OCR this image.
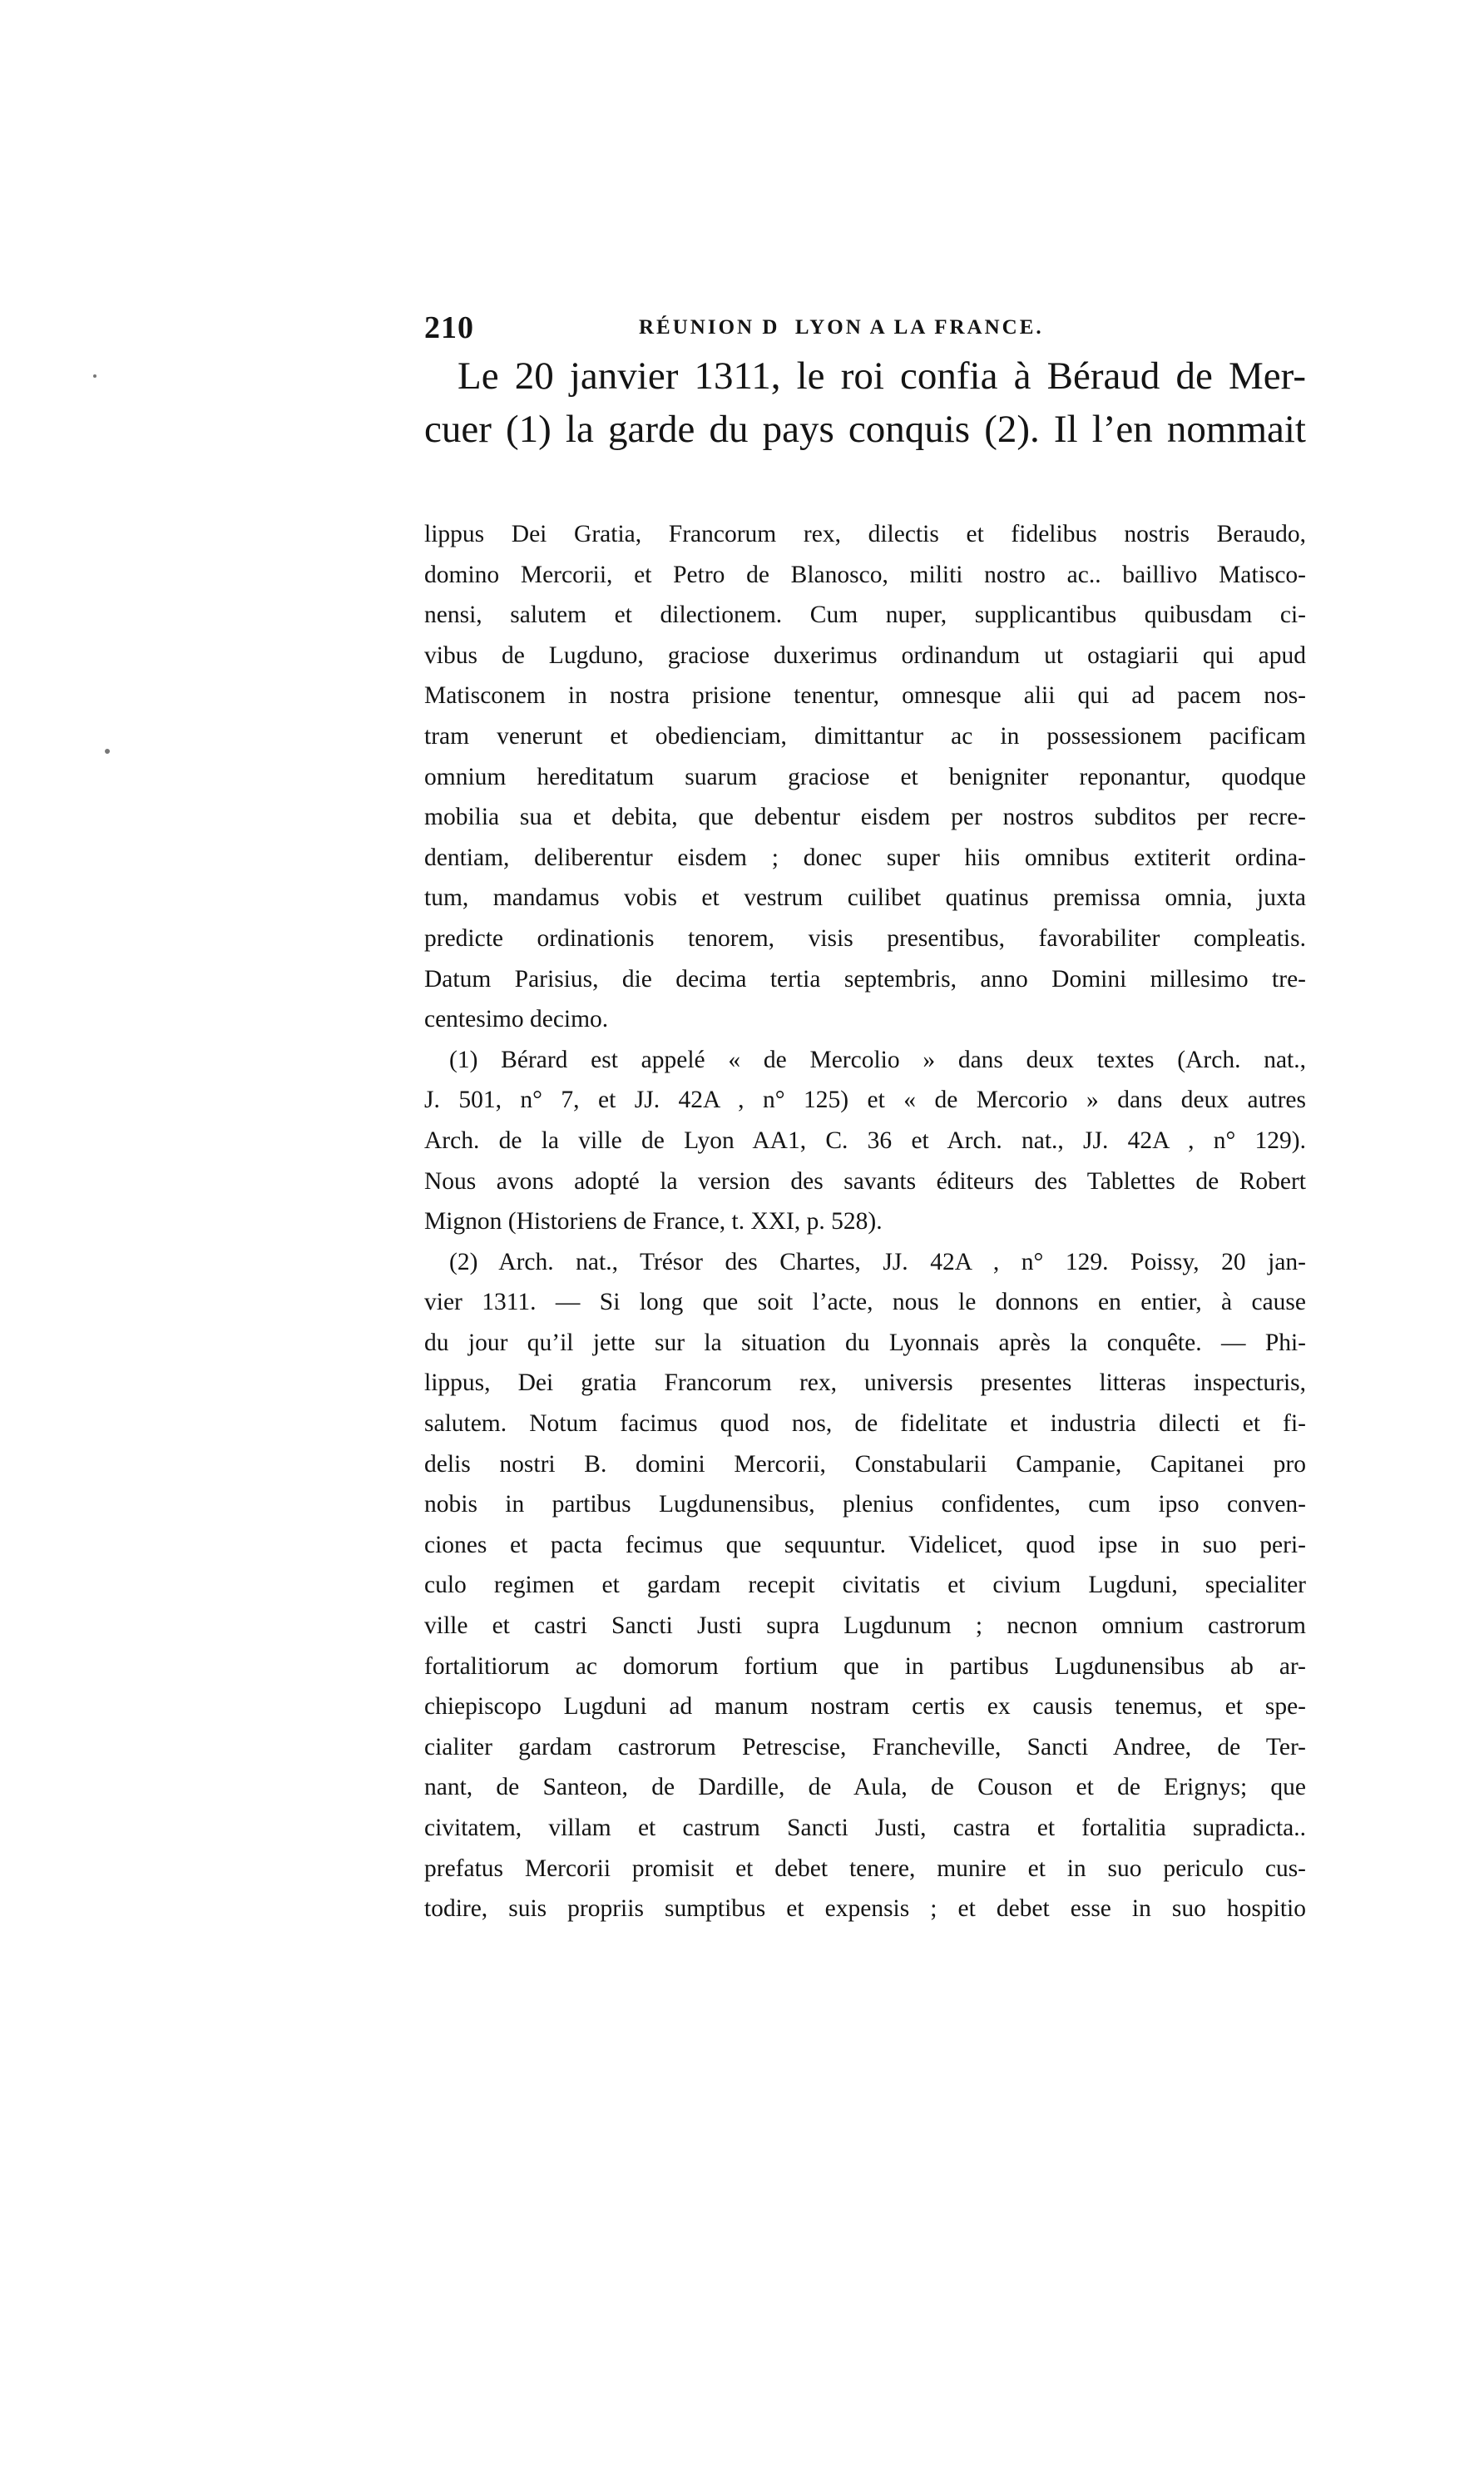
210	RÉUNION D  LYON A LA FRANCE.
Le 20 janvier 1311, le roi confia à Béraud de Mer-
cuer (1) la garde du pays conquis (2). Il l’en nommait

lippus Dei Gratia, Francorum rex, dilectis et fidelibus nostris Beraudo,
domino Mercorii, et Petro de Blanosco, militi nostro ac.. baillivo Matisco-
nensi, salutem et dilectionem. Cum nuper, supplicantibus quibusdam ci-
vibus de Lugduno, graciose duxerimus ordinandum ut ostagiarii qui apud
Matisconem in nostra prisione tenentur, omnesque alii qui ad pacem nos-
tram venerunt et obedienciam, dimittantur ac in possessionem pacificam
omnium hereditatum suarum graciose et benigniter reponantur, quodque
mobilia sua et debita, que debentur eisdem per nostros subditos per recre-
dentiam, deliberentur eisdem ; donec super hiis omnibus extiterit ordina-
tum, mandamus vobis et vestrum cuilibet quatinus premissa omnia, juxta
predicte ordinationis tenorem, visis presentibus, favorabiliter compleatis.
Datum Parisius, die decima tertia septembris, anno Domini millesimo tre-
centesimo decimo.

(1) Bérard est appelé « de Mercolio » dans deux textes (Arch. nat.,
J. 501, n° 7, et JJ. 42A , n° 125) et « de Mercorio » dans deux autres
Arch. de la ville de Lyon AA1, C. 36 et Arch. nat., JJ. 42A , n° 129).
Nous avons adopté la version des savants éditeurs des Tablettes de Robert
Mignon (Historiens de France, t. XXI, p. 528).

(2) Arch. nat., Trésor des Chartes, JJ. 42A , n° 129. Poissy, 20 jan-
vier 1311. — Si long que soit l’acte, nous le donnons en entier, à cause
du jour qu’il jette sur la situation du Lyonnais après la conquête. — Phi-
lippus, Dei gratia Francorum rex, universis presentes litteras inspecturis,
salutem. Notum facimus quod nos, de fidelitate et industria dilecti et fi-
delis nostri B. domini Mercorii, Constabularii Campanie, Capitanei pro
nobis in partibus Lugdunensibus, plenius confidentes, cum ipso conven-
ciones et pacta fecimus que sequuntur. Videlicet, quod ipse in suo peri-
culo regimen et gardam recepit civitatis et civium Lugduni, specialiter
ville et castri Sancti Justi supra Lugdunum ; necnon omnium castrorum
fortalitiorum ac domorum fortium que in partibus Lugdunensibus ab ar-
chiepiscopo Lugduni ad manum nostram certis ex causis tenemus, et spe-
cialiter gardam castrorum Petrescise, Francheville, Sancti Andree, de Ter-
nant, de Santeon, de Dardille, de Aula, de Couson et de Erignys; que
civitatem, villam et castrum Sancti Justi, castra et fortalitia supradicta..
prefatus Mercorii promisit et debet tenere, munire et in suo periculo cus-
todire, suis propriis sumptibus et expensis ; et debet esse in suo hospitio
